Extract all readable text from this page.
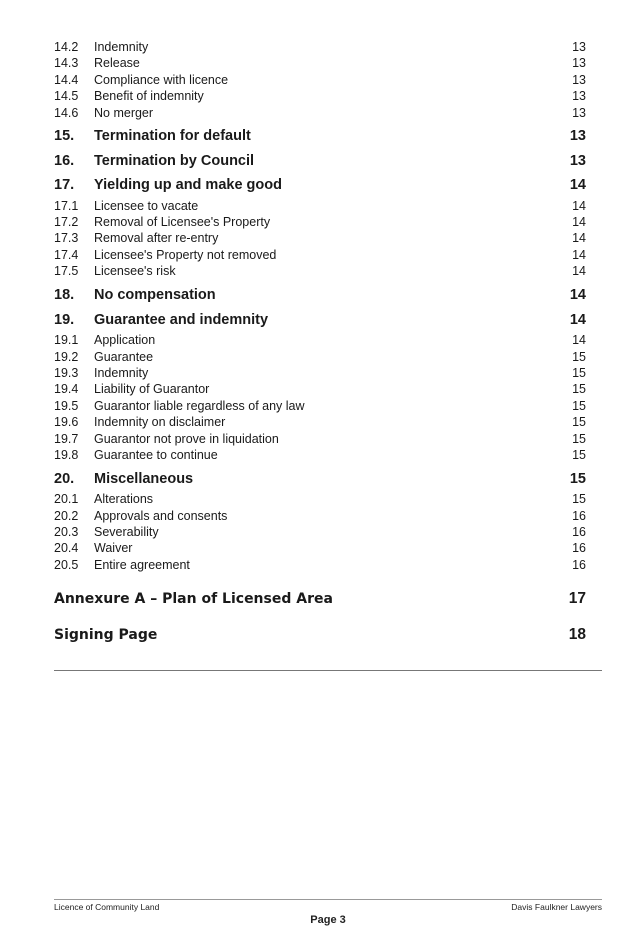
14.2	Indemnity	13
14.3	Release	13
14.4	Compliance with licence	13
14.5	Benefit of indemnity	13
14.6	No merger	13
15.	Termination for default	13
16.	Termination by Council	13
17.	Yielding up and make good	14
17.1	Licensee to vacate	14
17.2	Removal of Licensee's Property	14
17.3	Removal after re-entry	14
17.4	Licensee's Property not removed	14
17.5	Licensee's risk	14
18.	No compensation	14
19.	Guarantee and indemnity	14
19.1	Application	14
19.2	Guarantee	15
19.3	Indemnity	15
19.4	Liability of Guarantor	15
19.5	Guarantor liable regardless of any law	15
19.6	Indemnity on disclaimer	15
19.7	Guarantor not prove in liquidation	15
19.8	Guarantee to continue	15
20.	Miscellaneous	15
20.1	Alterations	15
20.2	Approvals and consents	16
20.3	Severability	16
20.4	Waiver	16
20.5	Entire agreement	16
Annexure A – Plan of Licensed Area	17
Signing Page	18
Licence of Community Land	Davis Faulkner Lawyers
Page 3
